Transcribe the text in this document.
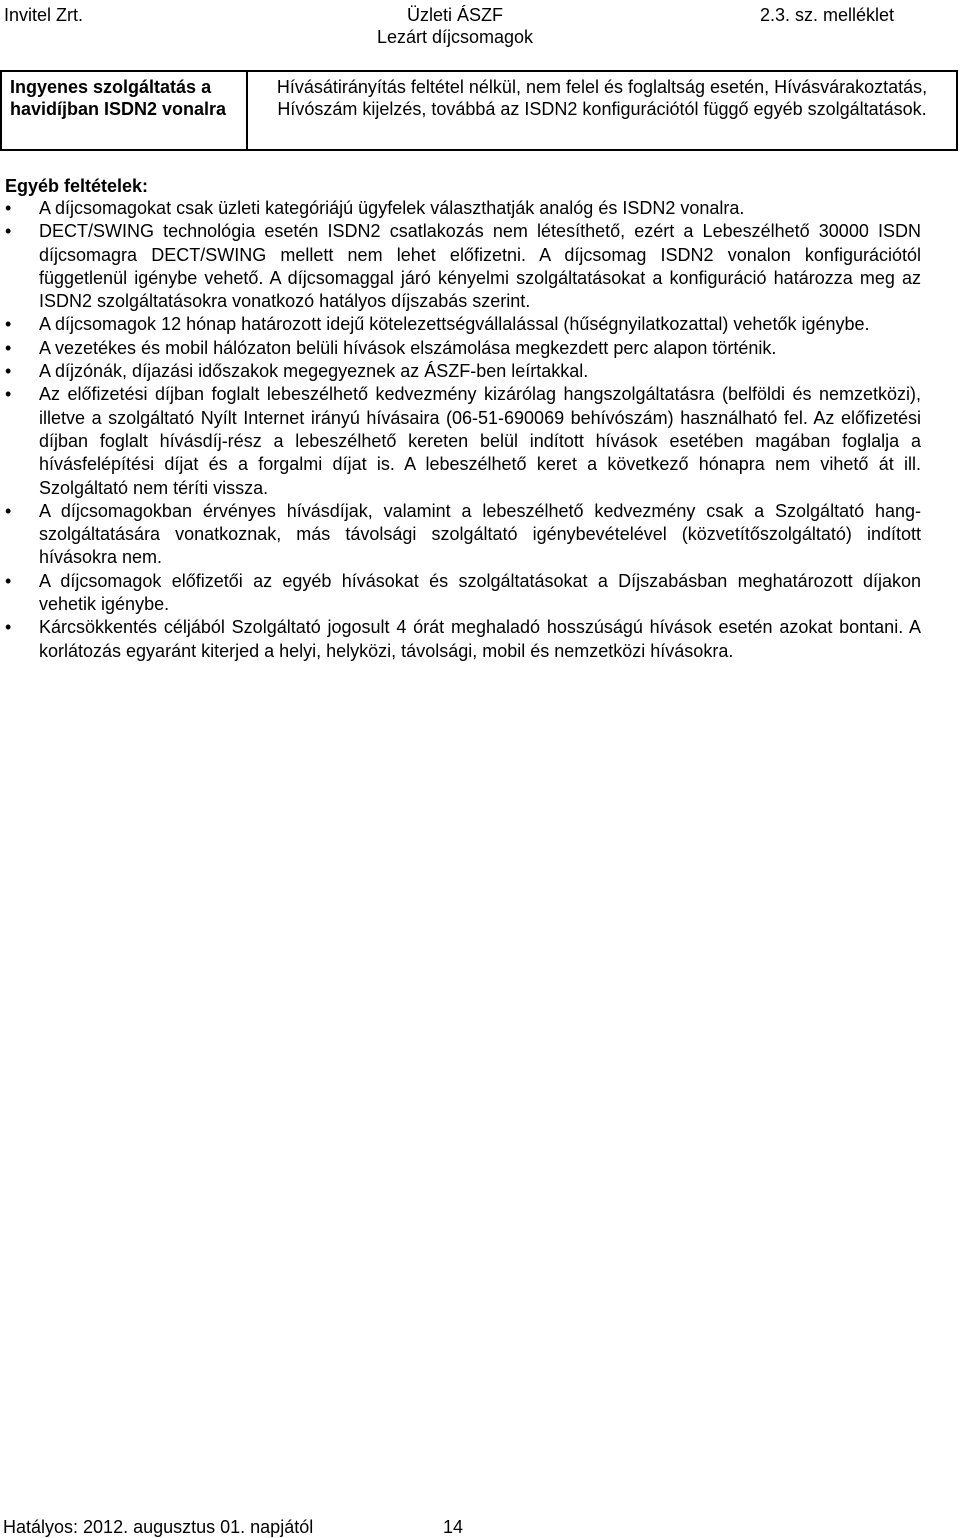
Invitel Zrt.	Üzleti ÁSZF
Lezárt díjcsomagok
2.3. sz. melléklet
Ingyenes szolgáltatás a havidíjban ISDN2 vonalra	Hívásátirányítás feltétel nélkül, nem felel és foglaltság esetén, Hívásvárakoztatás, Hívószám kijelzés, továbbá az ISDN2 konfigurációtól függő egyéb szolgáltatások.
Egyéb feltételek:
• A díjcsomagokat csak üzleti kategóriájú ügyfelek választhatják analóg és ISDN2 vonalra.
• DECT/SWING technológia esetén ISDN2 csatlakozás nem létesíthető, ezért a Lebeszélhető 30000 ISDN díjcsomagra DECT/SWING mellett nem lehet előfizetni. A díjcsomag ISDN2 vonalon konfigurációtól függetlenül igénybe vehető. A díjcsomaggal járó kényelmi szolgáltatásokat a konfiguráció határozza meg az ISDN2 szolgáltatásokra vonatkozó hatályos díjszabás szerint.
• A díjcsomagok 12 hónap határozott idejű kötelezettségvállalással (hűségnyilatkozattal) vehetők igénybe.
• A vezetékes és mobil hálózaton belüli hívások elszámolása megkezdett perc alapon történik.
• A díjzónák, díjazási időszakok megegyeznek az ÁSZF-ben leírtakkal.
• Az előfizetési díjban foglalt lebeszélhető kedvezmény kizárólag hangszolgáltatásra (belföldi és nemzetközi), illetve a szolgáltató Nyílt Internet irányú hívásaira (06-51-690069 behívószám) használható fel. Az előfizetési díjban foglalt hívásdíj-rész a lebeszélhető kereten belül indított hívások esetében magában foglalja a hívásfelépítési díjat és a forgalmi díjat is. A lebeszélhető keret a következő hónapra nem vihető át ill. Szolgáltató nem téríti vissza.
• A díjcsomagokban érvényes hívásdíjak, valamint a lebeszélhető kedvezmény csak a Szolgáltató hang-szolgáltatására vonatkoznak, más távolsági szolgáltató igénybevételével (közvetítőszolgáltató) indított hívásokra nem.
• A díjcsomagok előfizetői az egyéb hívásokat és szolgáltatásokat a Díjszabásban meghatározott díjakon vehetik igénybe.
• Kárcsökkentés céljából Szolgáltató jogosult 4 órát meghaladó hosszúságú hívások esetén azokat bontani. A korlátozás egyaránt kiterjed a helyi, helyközi, távolsági, mobil és nemzetközi hívásokra.
Hatályos: 2012. augusztus 01. napjától	14
